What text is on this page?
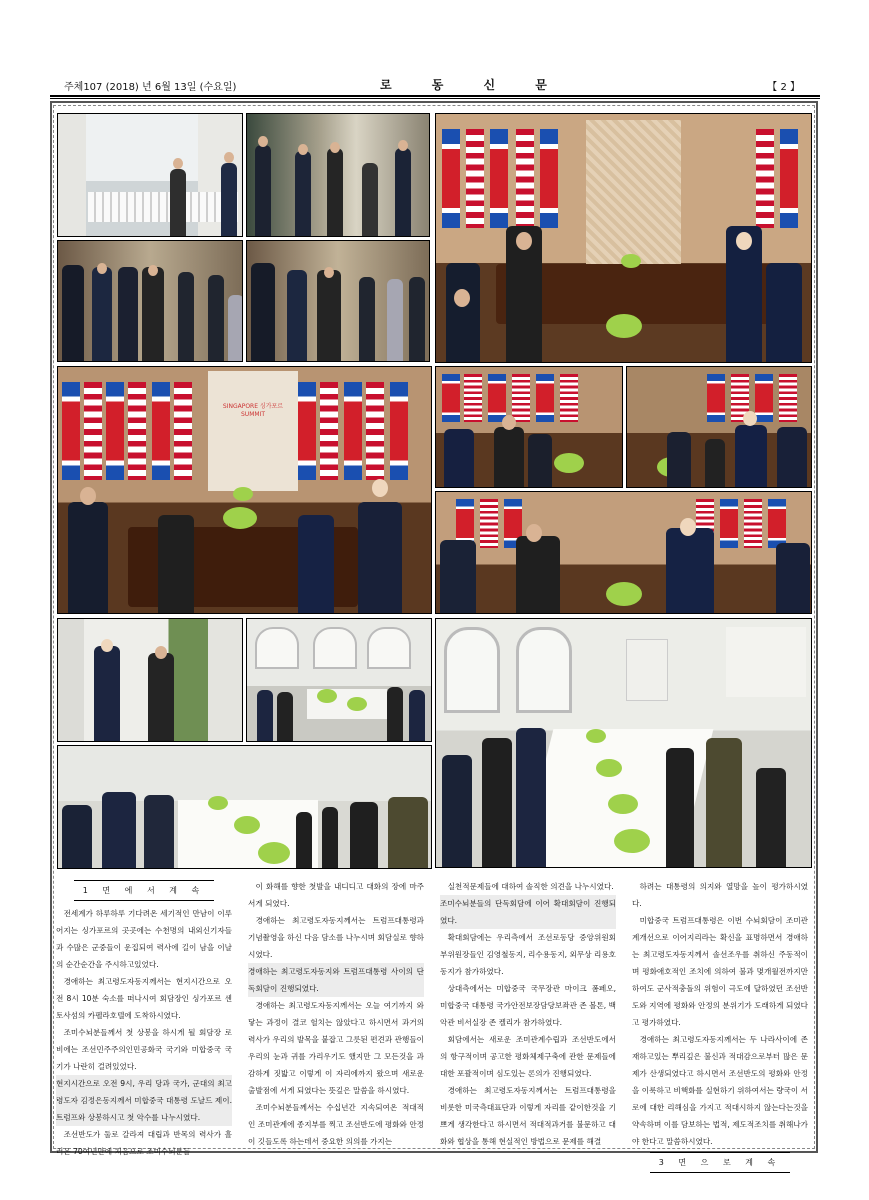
주체107 (2018) 년 6월 13일 (수요일)	로 동 신 문	【 2 】
SINGAPORE 싱가포르 SUMMIT
1 면 에 서 계 속

전세계가 하루하루 기다려온 세기적인 만남이 이루어지는 싱가포르의 곳곳에는 수천명의 내외신기자들과 수많은 군중들이 운집되여 력사에 길이 남을 이날의 순간순간을 주시하고있었다.

경애하는 최고령도자동지께서는 현지시간으로 오전 8시 10분 숙소를 떠나시여 회담장인 싱가포르 센토사섬의 카펠라호텔에 도착하시였다.

조미수뇌분들께서 첫 상봉을 하시게 될 회담장 로비에는 조선민주주의인민공화국 국기와 미합중국 국기가 나란히 걸려있었다.

현지시간으로 오전 9시, 우리 당과 국가, 군대의 최고령도자 김정은동지께서 미합중국 대통령 도날드 제이. 트럼프와 상봉하시고 첫 악수를 나누시였다.

조선반도가 둘로 갈라져 대립과 반목의 력사가 흘러온 70여년만에 처음으로 조미수뇌분들

이 화해를 향한 첫발을 내디디고 대화의 장에 마주서게 되였다.

경애하는 최고령도자동지께서는 트럼프대통령과 기념촬영을 하신 다음 담소를 나누시며 회담실로 향하시였다.

경애하는 최고령도자동지와 트럼프대통령 사이의 단독회담이 진행되였다.

경애하는 최고령도자동지께서는 오늘 여기까지 와닿는 과정이 결코 헐치는 않았다고 하시면서 과거의 력사가 우리의 발목을 붙잡고 그릇된 편견과 관행들이 우리의 눈과 귀를 가리우기도 했지만 그 모든것을 과감하게 짓밟고 이렇게 이 자리에까지 왔으며 새로운 출발점에 서게 되였다는 뜻깊은 말씀을 하시였다.

조미수뇌분들께서는 수십년간 지속되여온 적대적인 조미관계에 종지부를 찍고 조선반도에 평화와 안정이 깃들도록 하는데서 중요한 의의를 가지는

실천적문제들에 대하여 솔직한 의견을 나누시였다.

조미수뇌분들의 단독회담에 이어 확대회담이 진행되였다.

확대회담에는 우리측에서 조선로동당 중앙위원회 부위원장들인 김영철동지, 리수용동지, 외무상 리용호동지가 참가하였다.

상대측에서는 미합중국 국무장관 마이크 폼페오, 미합중국 대통령 국가안전보장담당보좌관 존 볼톤, 백악관 비서실장 존 켈리가 참가하였다.

회담에서는 새로운 조미관계수립과 조선반도에서의 항구적이며 공고한 평화체제구축에 관한 문제들에 대한 포괄적이며 심도있는 론의가 진행되였다.

경애하는 최고령도자동지께서는 트럼프대통령을 비롯한 미국측대표단과 이렇게 자리를 같이한것을 기쁘게 생각한다고 하시면서 적대적과거를 불문하고 대화와 협상을 통해 현실적인 방법으로 문제를 해결

하려는 대통령의 의지와 열망을 높이 평가하시였다.

미합중국 트럼프대통령은 이번 수뇌회담이 조미관계개선으로 이어지리라는 확신을 표명하면서 경애하는 최고령도자동지께서 솔선조우를 취하신 주동적이며 평화애호적인 조치에 의하여 불과 몇개월전까지만 하여도 군사적충돌의 위험이 극도에 달하였던 조선반도와 지역에 평화와 안정의 분위기가 도래하게 되였다고 평가하였다.

경애하는 최고령도자동지께서는 두 나라사이에 존재하고있는 뿌리깊은 불신과 적대감으로부터 많은 문제가 산생되였다고 하시면서 조선반도의 평화와 안정을 이룩하고 비핵화를 실현하기 위하여서는 량국이 서로에 대한 리해심을 가지고 적대시하지 않는다는것을 약속하며 이를 담보하는 법적, 제도적조치를 취해나가야 한다고 말씀하시였다.

3 면 으 로 계 속
